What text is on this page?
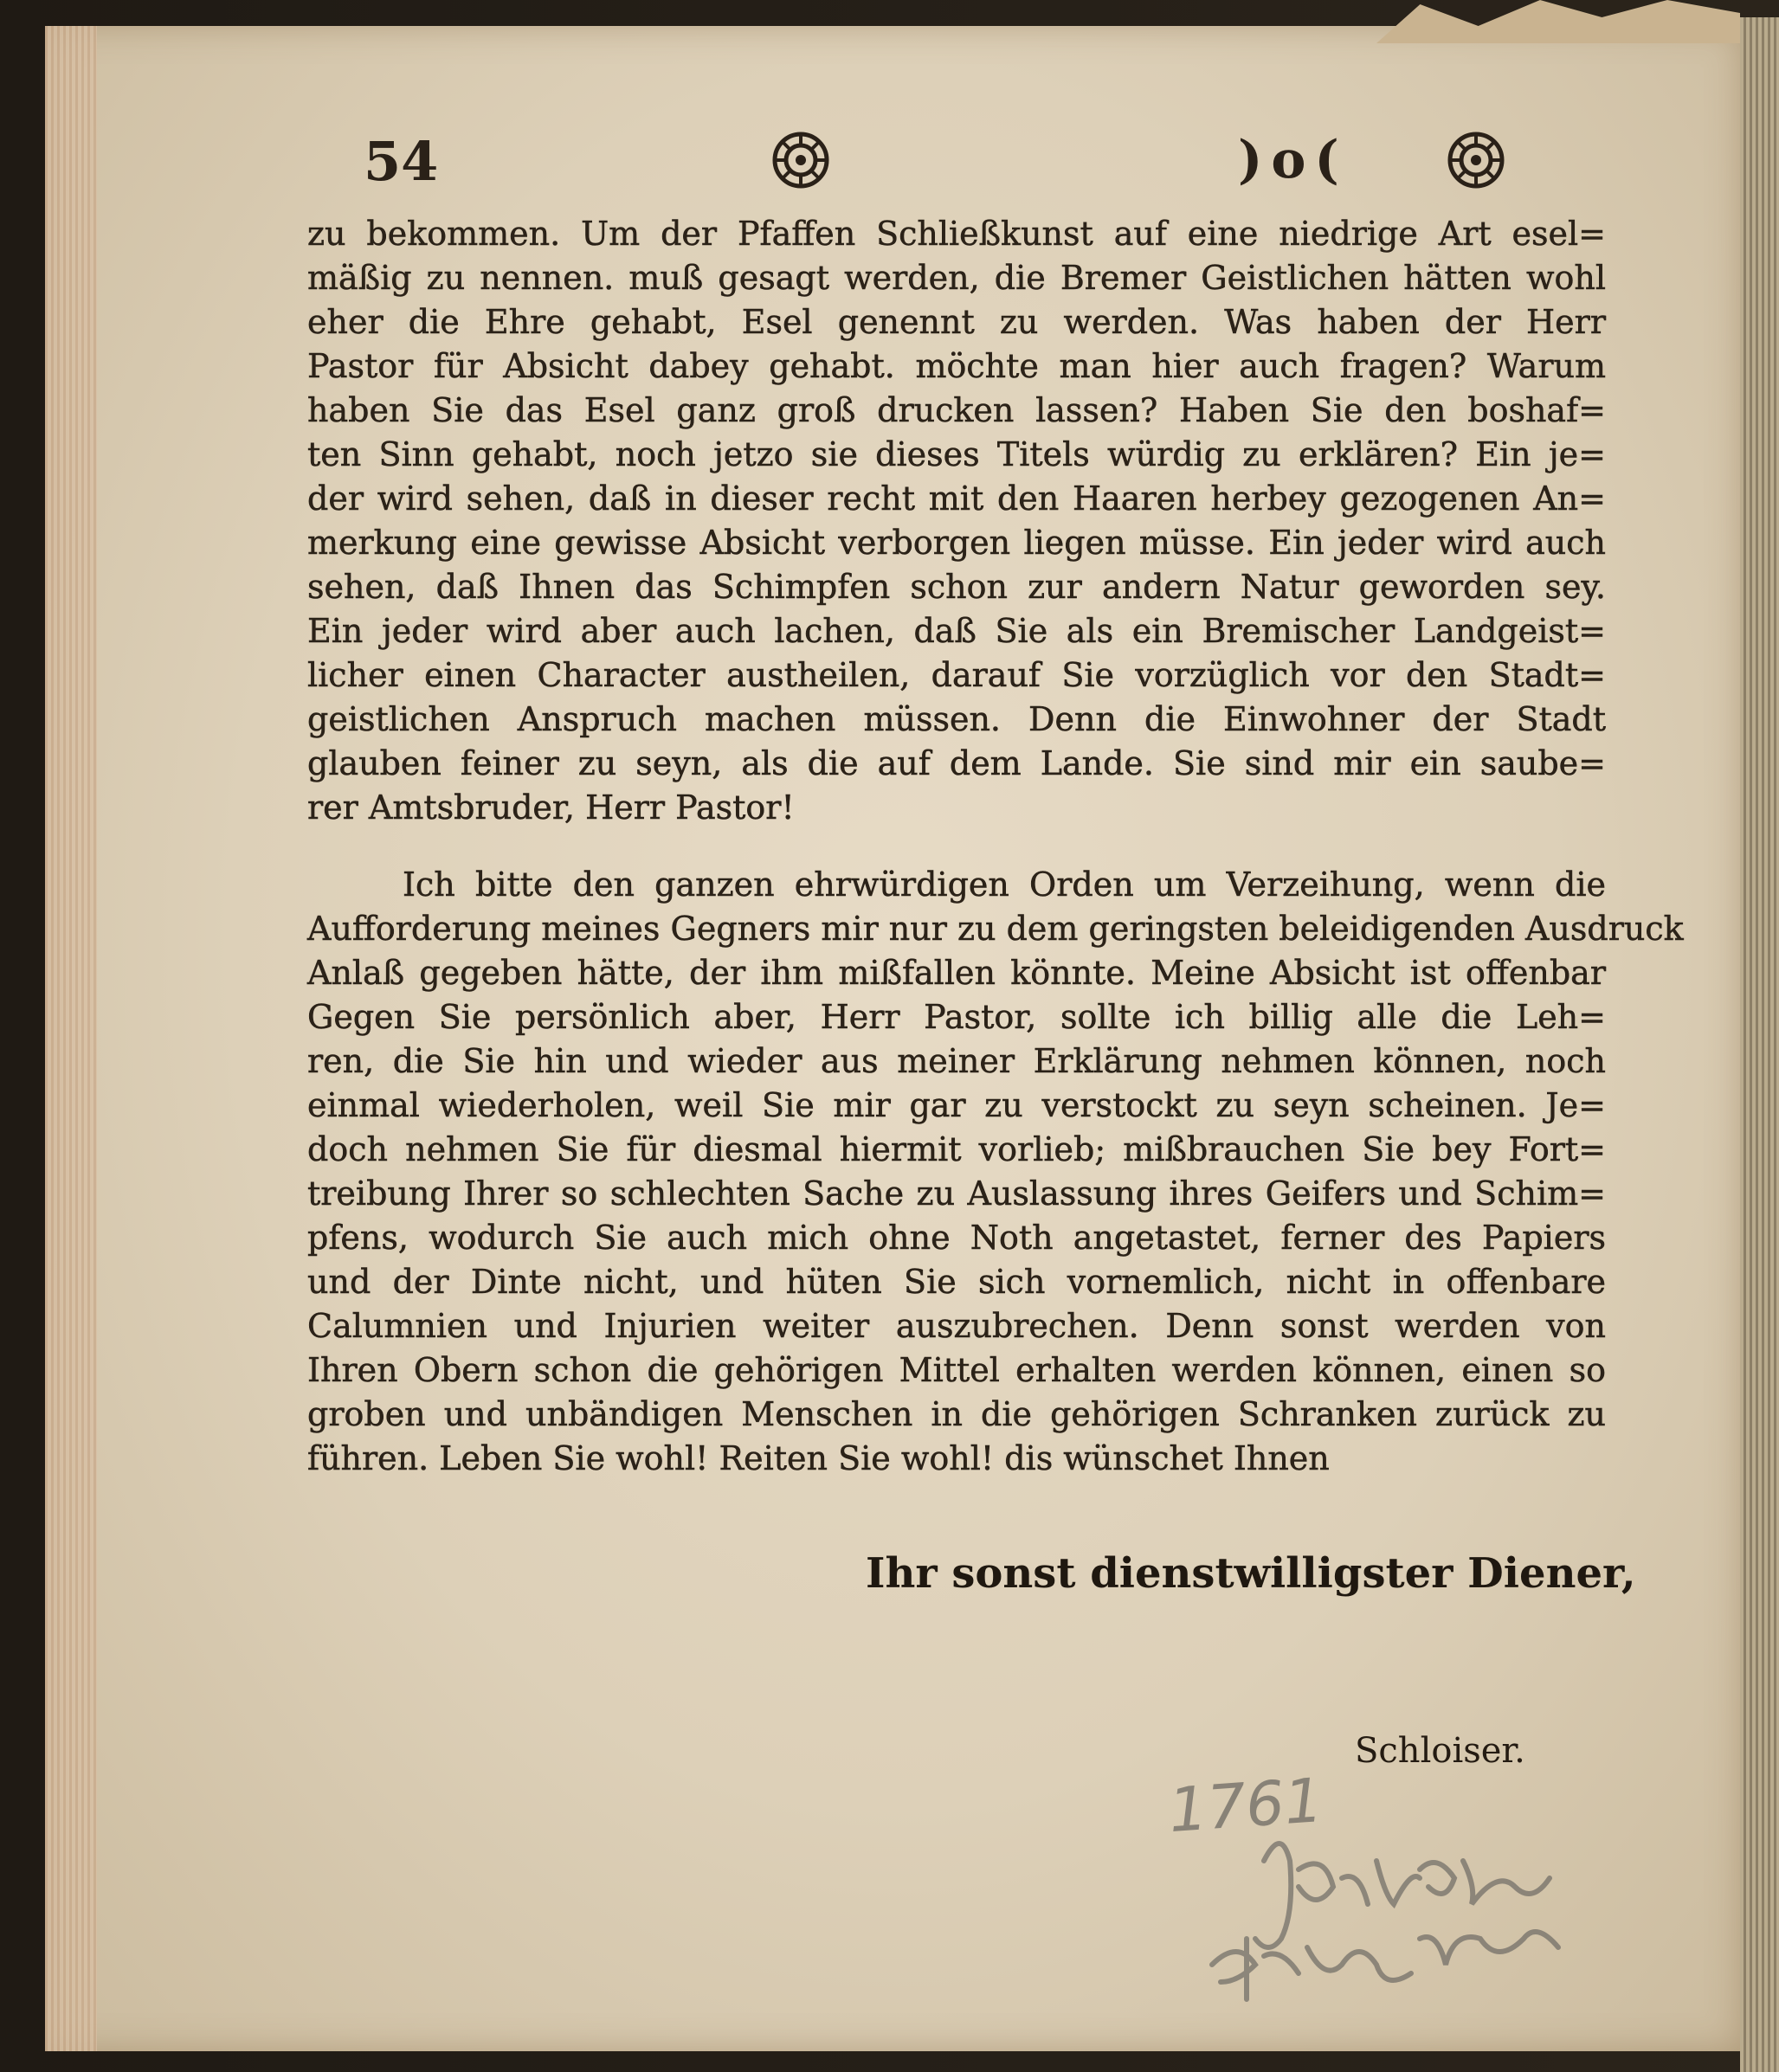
54	)o(
zu bekommen. Um der Pfaffen Schließkunst auf eine niedrige Art esel=
mäßig zu nennen. muß gesagt werden, die Bremer Geistlichen hätten wohl
eher die Ehre gehabt, Esel genennt zu werden. Was haben der Herr
Pastor für Absicht dabey gehabt. möchte man hier auch fragen? Warum
haben Sie das Esel ganz groß drucken lassen? Haben Sie den boshaf=
ten Sinn gehabt, noch jetzo sie dieses Titels würdig zu erklären? Ein je=
der wird sehen, daß in dieser recht mit den Haaren herbey gezogenen An=
merkung eine gewisse Absicht verborgen liegen müsse. Ein jeder wird auch
sehen, daß Ihnen das Schimpfen schon zur andern Natur geworden sey.
Ein jeder wird aber auch lachen, daß Sie als ein Bremischer Landgeist=
licher einen Character austheilen, darauf Sie vorzüglich vor den Stadt=
geistlichen Anspruch machen müssen. Denn die Einwohner der Stadt
glauben feiner zu seyn, als die auf dem Lande. Sie sind mir ein saube=
rer Amtsbruder, Herr Pastor!
Ich bitte den ganzen ehrwürdigen Orden um Verzeihung, wenn die
Aufforderung meines Gegners mir nur zu dem geringsten beleidigenden Ausdruck
Anlaß gegeben hätte, der ihm mißfallen könnte. Meine Absicht ist offenbar
Gegen Sie persönlich aber, Herr Pastor, sollte ich billig alle die Leh=
ren, die Sie hin und wieder aus meiner Erklärung nehmen können, noch
einmal wiederholen, weil Sie mir gar zu verstockt zu seyn scheinen. Je=
doch nehmen Sie für diesmal hiermit vorlieb; mißbrauchen Sie bey Fort=
treibung Ihrer so schlechten Sache zu Auslassung ihres Geifers und Schim=
pfens, wodurch Sie auch mich ohne Noth angetastet, ferner des Papiers
und der Dinte nicht, und hüten Sie sich vornemlich, nicht in offenbare
Calumnien und Injurien weiter auszubrechen. Denn sonst werden von
Ihren Obern schon die gehörigen Mittel erhalten werden können, einen so
groben und unbändigen Menschen in die gehörigen Schranken zurück zu
führen. Leben Sie wohl! Reiten Sie wohl! dis wünschet Ihnen
Ihr sonst dienstwilligster Diener,
Schloiser.
1761
